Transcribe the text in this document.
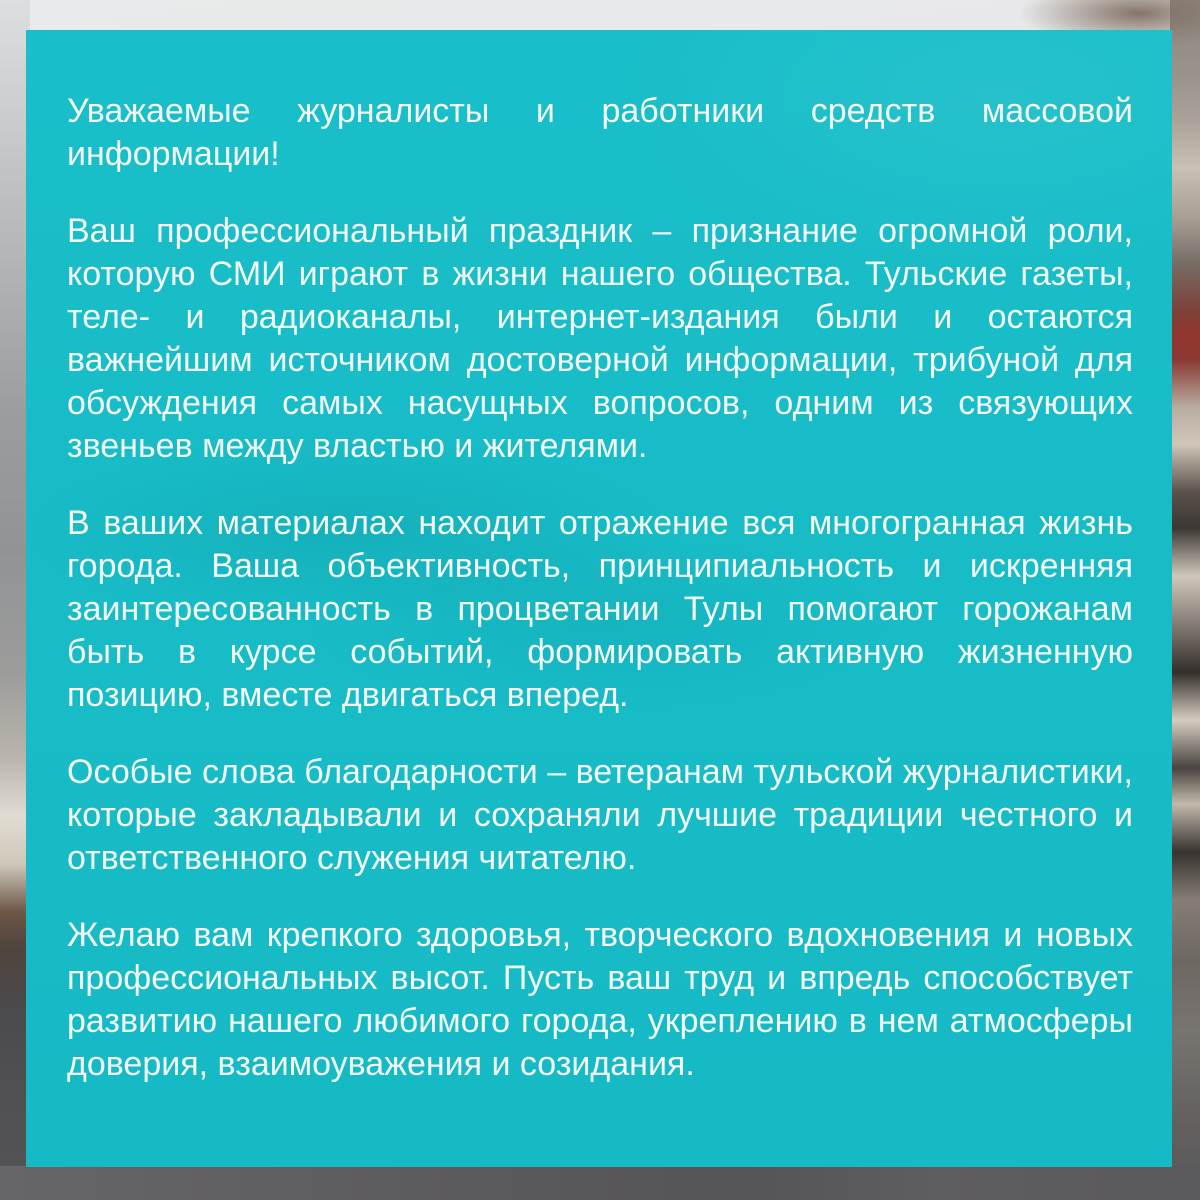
Уважаемые журналисты и работники средств массовой информации!

Ваш профессиональный праздник – признание огромной роли, которую СМИ играют в жизни нашего общества. Тульские газеты, теле- и радиоканалы, интернет-издания были и остаются важнейшим источником достоверной информации, трибуной для обсуждения самых насущных вопросов, одним из связующих звеньев между властью и жителями.

В ваших материалах находит отражение вся многогранная жизнь города. Ваша объективность, принципиальность и искренняя заинтересованность в процветании Тулы помогают горожанам быть в курсе событий, формировать активную жизненную позицию, вместе двигаться вперед.

Особые слова благодарности – ветеранам тульской журналистики, которые закладывали и сохраняли лучшие традиции честного и ответственного служения читателю.

Желаю вам крепкого здоровья, творческого вдохновения и новых профессиональных высот. Пусть ваш труд и впредь способствует развитию нашего любимого города, укреплению в нем атмосферы доверия, взаимоуважения и созидания.
